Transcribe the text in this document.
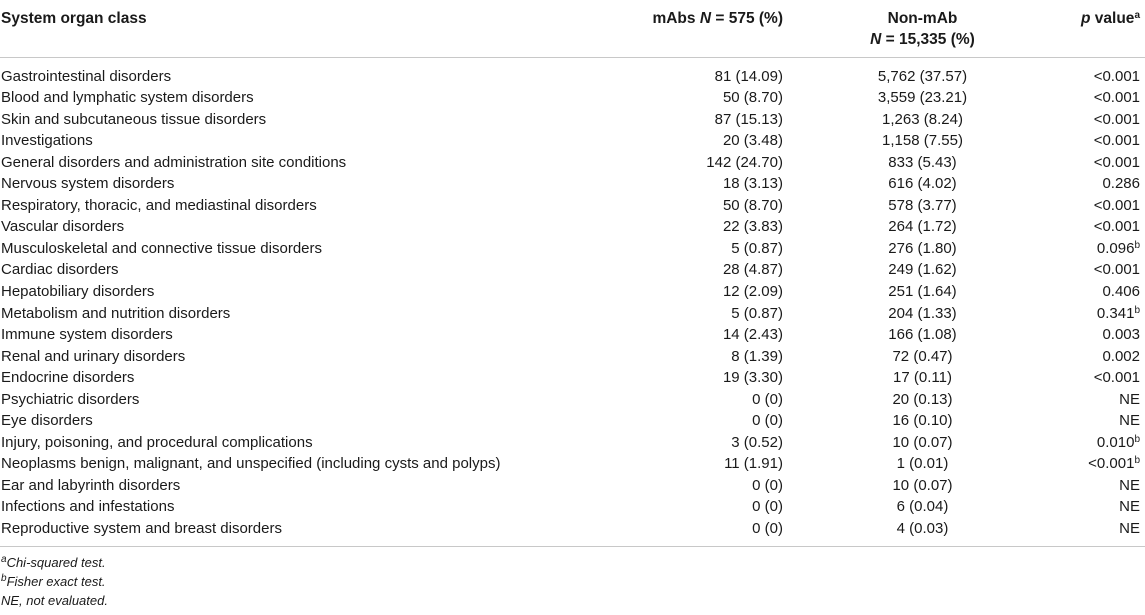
System organ class	mAbs N = 575 (%)	Non-mAb
N = 15,335 (%)	p value$^a$
Gastrointestinal disorders	81 (14.09)	5,762 (37.57)	<0.001
Blood and lymphatic system disorders	50 (8.70)	3,559 (23.21)	<0.001
Skin and subcutaneous tissue disorders	87 (15.13)	1,263 (8.24)	<0.001
Investigations	20 (3.48)	1,158 (7.55)	<0.001
General disorders and administration site conditions	142 (24.70)	833 (5.43)	<0.001
Nervous system disorders	18 (3.13)	616 (4.02)	0.286
Respiratory, thoracic, and mediastinal disorders	50 (8.70)	578 (3.77)	<0.001
Vascular disorders	22 (3.83)	264 (1.72)	<0.001
Musculoskeletal and connective tissue disorders	5 (0.87)	276 (1.80)	0.096$^b$
Cardiac disorders	28 (4.87)	249 (1.62)	<0.001
Hepatobiliary disorders	12 (2.09)	251 (1.64)	0.406
Metabolism and nutrition disorders	5 (0.87)	204 (1.33)	0.341$^b$
Immune system disorders	14 (2.43)	166 (1.08)	0.003
Renal and urinary disorders	8 (1.39)	72 (0.47)	0.002
Endocrine disorders	19 (3.30)	17 (0.11)	<0.001
Psychiatric disorders	0 (0)	20 (0.13)	NE
Eye disorders	0 (0)	16 (0.10)	NE
Injury, poisoning, and procedural complications	3 (0.52)	10 (0.07)	0.010$^b$
Neoplasms benign, malignant, and unspecified (including cysts and polyps)	11 (1.91)	1 (0.01)	<0.001$^b$
Ear and labyrinth disorders	0 (0)	10 (0.07)	NE
Infections and infestations	0 (0)	6 (0.04)	NE
Reproductive system and breast disorders	0 (0)	4 (0.03)	NE
$^a$Chi-squared test.
$^b$Fisher exact test.
NE, not evaluated.
